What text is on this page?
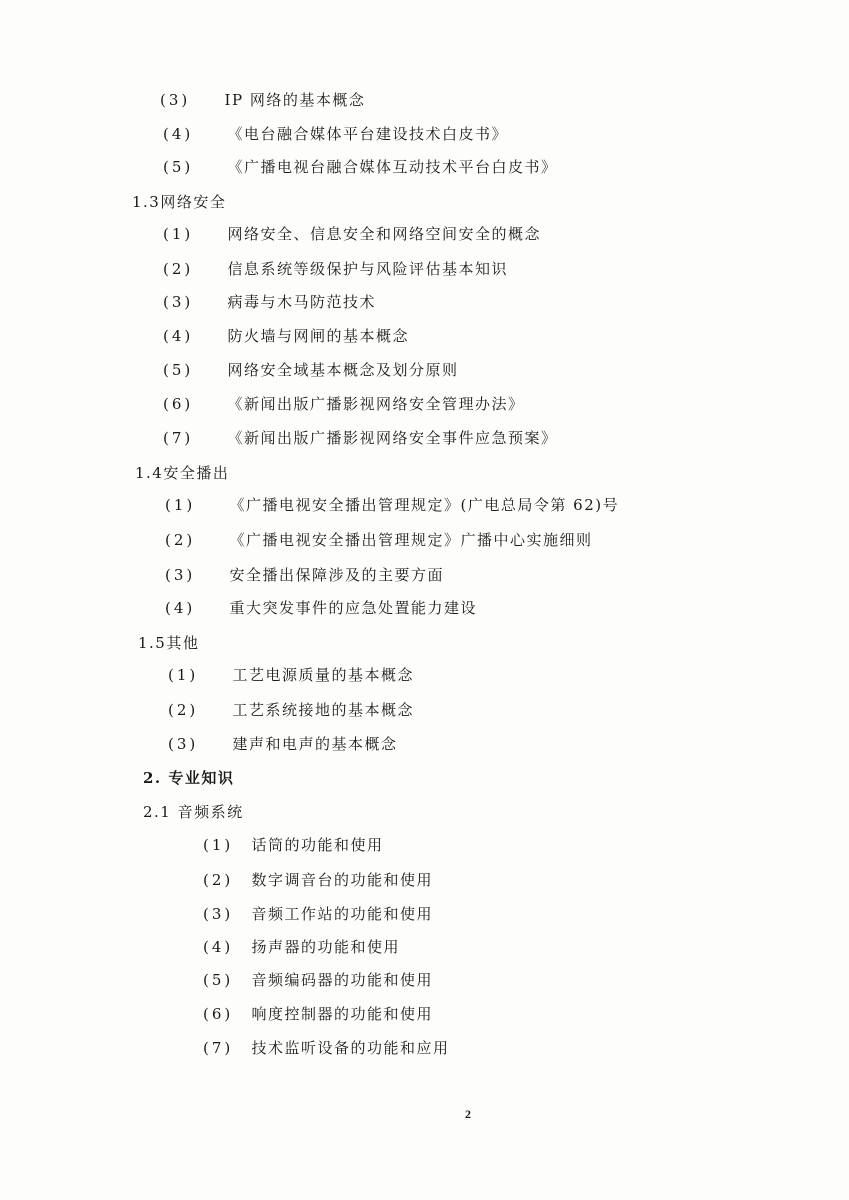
(3) IP 网络的基本概念
(4) 《电台融合媒体平台建设技术白皮书》
(5) 《广播电视台融合媒体互动技术平台白皮书》
1.3网络安全
(1) 网络安全、信息安全和网络空间安全的概念
(2) 信息系统等级保护与风险评估基本知识
(3) 病毒与木马防范技术
(4) 防火墙与网闸的基本概念
(5) 网络安全域基本概念及划分原则
(6) 《新闻出版广播影视网络安全管理办法》
(7) 《新闻出版广播影视网络安全事件应急预案》
1.4安全播出
(1) 《广播电视安全播出管理规定》(广电总局令第 62)号
(2) 《广播电视安全播出管理规定》广播中心实施细则
(3) 安全播出保障涉及的主要方面
(4) 重大突发事件的应急处置能力建设
1.5其他
(1) 工艺电源质量的基本概念
(2) 工艺系统接地的基本概念
(3) 建声和电声的基本概念
2. 专业知识
2.1 音频系统
(1) 话筒的功能和使用
(2) 数字调音台的功能和使用
(3) 音频工作站的功能和使用
(4) 扬声器的功能和使用
(5) 音频编码器的功能和使用
(6) 响度控制器的功能和使用
(7) 技术监听设备的功能和应用
2
